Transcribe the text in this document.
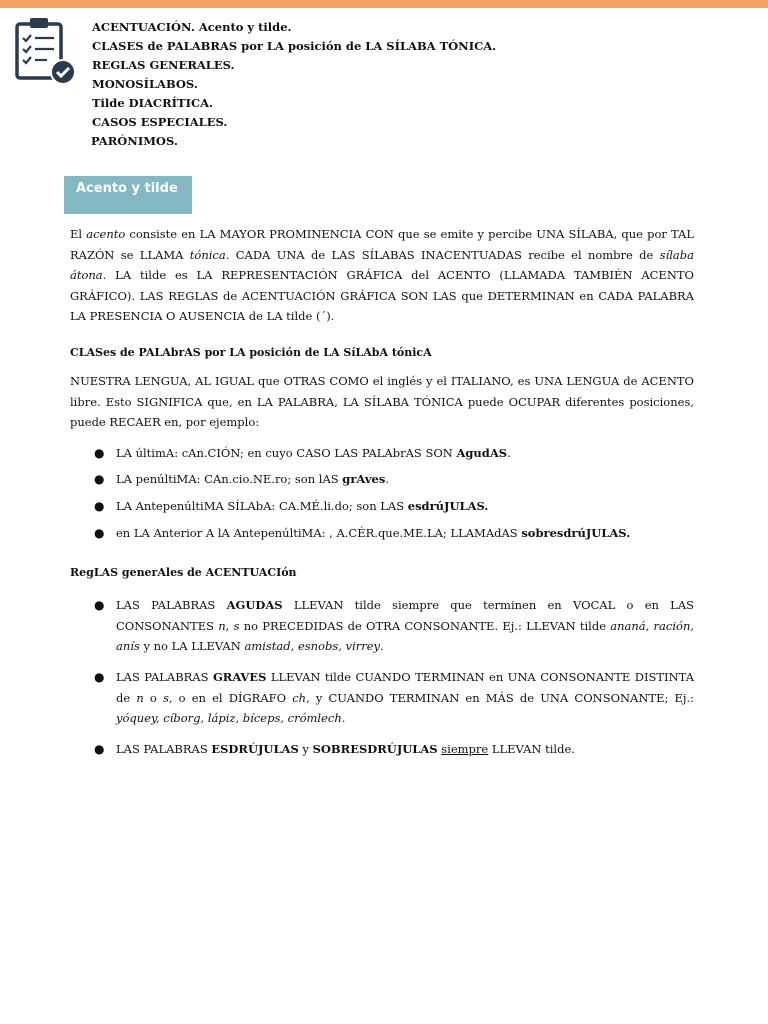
ACENTUACIÓN. Acento y tilde.
CLASES de PALABRAS por LA posición de LA SÍLABA TÓNICA.
REGLAS GENERALES.
MONOSÍLABOS.
Tilde DIACRÍTICA.
CASOS ESPECIALES.
PARÓNIMOS.
Acento y tilde

El acento consiste en LA MAYOR PROMINENCIA CON que se emite y percibe UNA SÍLABA, que por TAL RAZÓN se LLAMA tónica. CADA UNA de LAS SÍLABAS INACENTUADAS recibe el nombre de sílaba átona. LA tilde es LA REPRESENTACIÓN GRÁFICA del ACENTO (LLAMADA TAMBIÉN ACENTO GRÁFICO). LAS REGLAS de ACENTUACIÓN GRÁFICA SON LAS que DETERMINAN en CADA PALABRA LA PRESENCIA O AUSENCIA de LA tilde (´).

CLASes de PALAbrAS por LA posición de LA SíLAbA tónicA

NUESTRA LENGUA, AL IGUAL que OTRAS COMO el inglés y el ITALIANO, es UNA LENGUA de ACENTO libre. Esto SIGNIFICA que, en LA PALABRA, LA SÍLABA TÓNICA puede OCUPAR diferentes posiciones, puede RECAER en, por ejemplo:

● LA últimA: cAn.CIÓN; en cuyo CASO LAS PALAbrAS SON AgudAS.
● LA penúltiMA: CAn.cio.NE.ro; son lAS grAves.
● LA AntepenúltiMA SÍLAbA: CA.MÉ.li.do; son LAS esdrúJULAS.
● en LA Anterior A lA AntepenúltiMA: , A.CÉR.que.ME.LA; LLAMAdAS sobresdrúJULAS.

RegLAS generAles de ACENTUACIón

● LAS PALABRAS AGUDAS LLEVAN tilde siempre que terminen en VOCAL o en LAS CONSONANTES n, s no PRECEDIDAS de OTRA CONSONANTE. Ej.: LLEVAN tilde ananá, ración, anís y no LA LLEVAN amistad, esnobs, virrey.
● LAS PALABRAS GRAVES LLEVAN tilde CUANDO TERMINAN en UNA CONSONANTE DISTINTA de n o s, o en el DÍGRAFO ch, y CUANDO TERMINAN en MÁS de UNA CONSONANTE; Ej.: yóquey, cíborg, lápiz, bíceps, crómlech.
● LAS PALABRAS ESDRÚJULAS y SOBRESDRÚJULAS siempre LLEVAN tilde.
